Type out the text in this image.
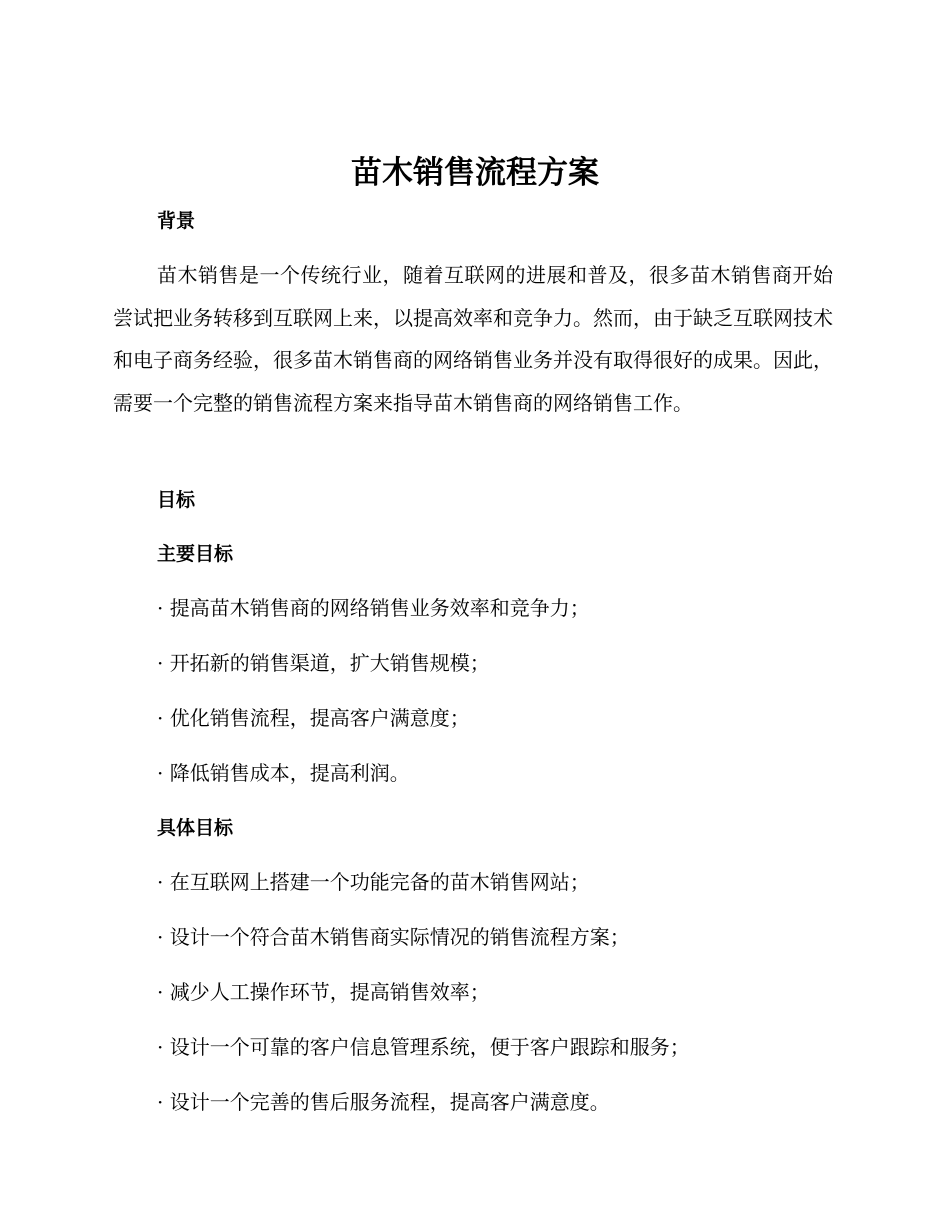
苗木销售流程方案
背景

苗木销售是一个传统行业，随着互联网的进展和普及，很多苗木销售商开始尝试把业务转移到互联网上来，以提高效率和竞争力。然而，由于缺乏互联网技术和电子商务经验，很多苗木销售商的网络销售业务并没有取得很好的成果。因此，需要一个完整的销售流程方案来指导苗木销售商的网络销售工作。

目标
主要目标

· 提高苗木销售商的网络销售业务效率和竞争力；

· 开拓新的销售渠道，扩大销售规模；

· 优化销售流程，提高客户满意度；

· 降低销售成本，提高利润。

具体目标

· 在互联网上搭建一个功能完备的苗木销售网站；

· 设计一个符合苗木销售商实际情况的销售流程方案；

· 减少人工操作环节，提高销售效率；

· 设计一个可靠的客户信息管理系统，便于客户跟踪和服务；

· 设计一个完善的售后服务流程，提高客户满意度。
